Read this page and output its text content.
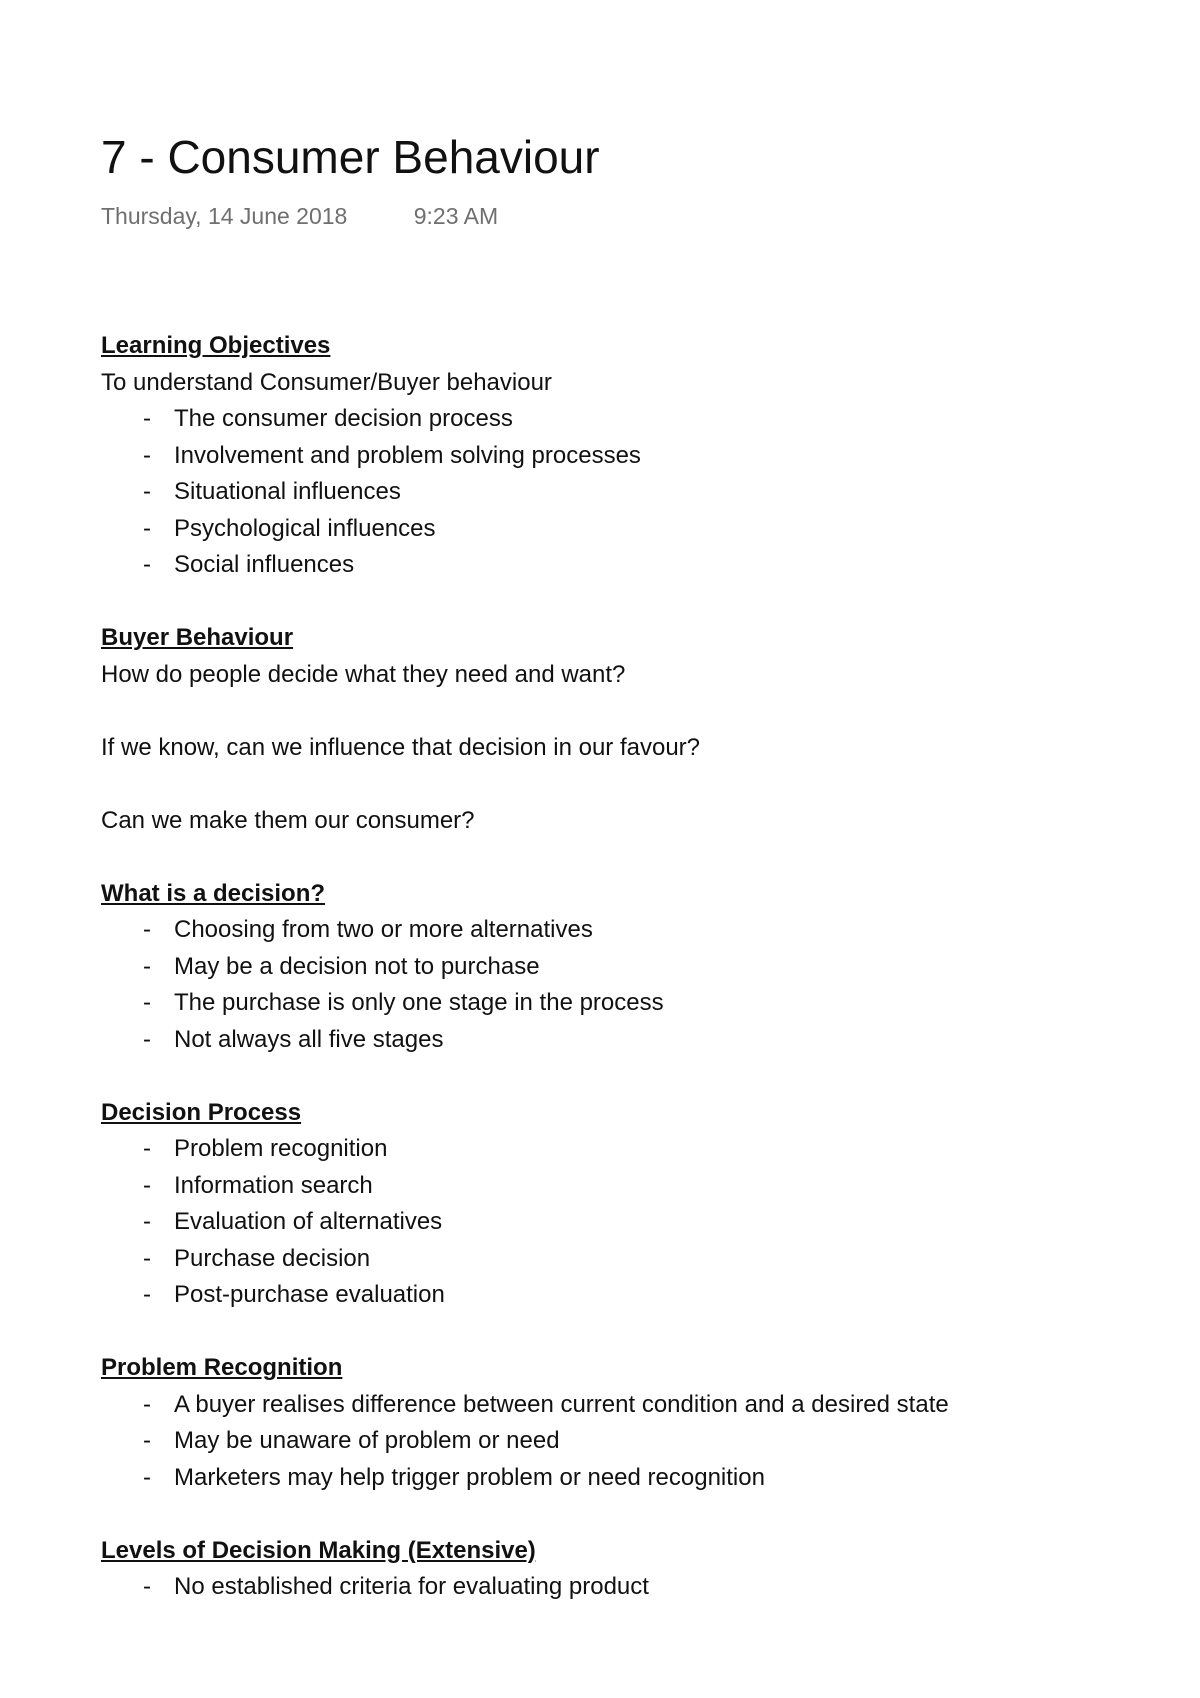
7 - Consumer Behaviour
Thursday, 14 June 2018	9:23 AM
Learning Objectives
To understand Consumer/Buyer behaviour
- The consumer decision process
- Involvement and problem solving processes
- Situational influences
- Psychological influences
- Social influences
Buyer Behaviour
How do people decide what they need and want?
If we know, can we influence that decision in our favour?
Can we make them our consumer?
What is a decision?
- Choosing from two or more alternatives
- May be a decision not to purchase
- The purchase is only one stage in the process
- Not always all five stages
Decision Process
- Problem recognition
- Information search
- Evaluation of alternatives
- Purchase decision
- Post-purchase evaluation
Problem Recognition
- A buyer realises difference between current condition and a desired state
- May be unaware of problem or need
- Marketers may help trigger problem or need recognition
Levels of Decision Making (Extensive)
- No established criteria for evaluating product
